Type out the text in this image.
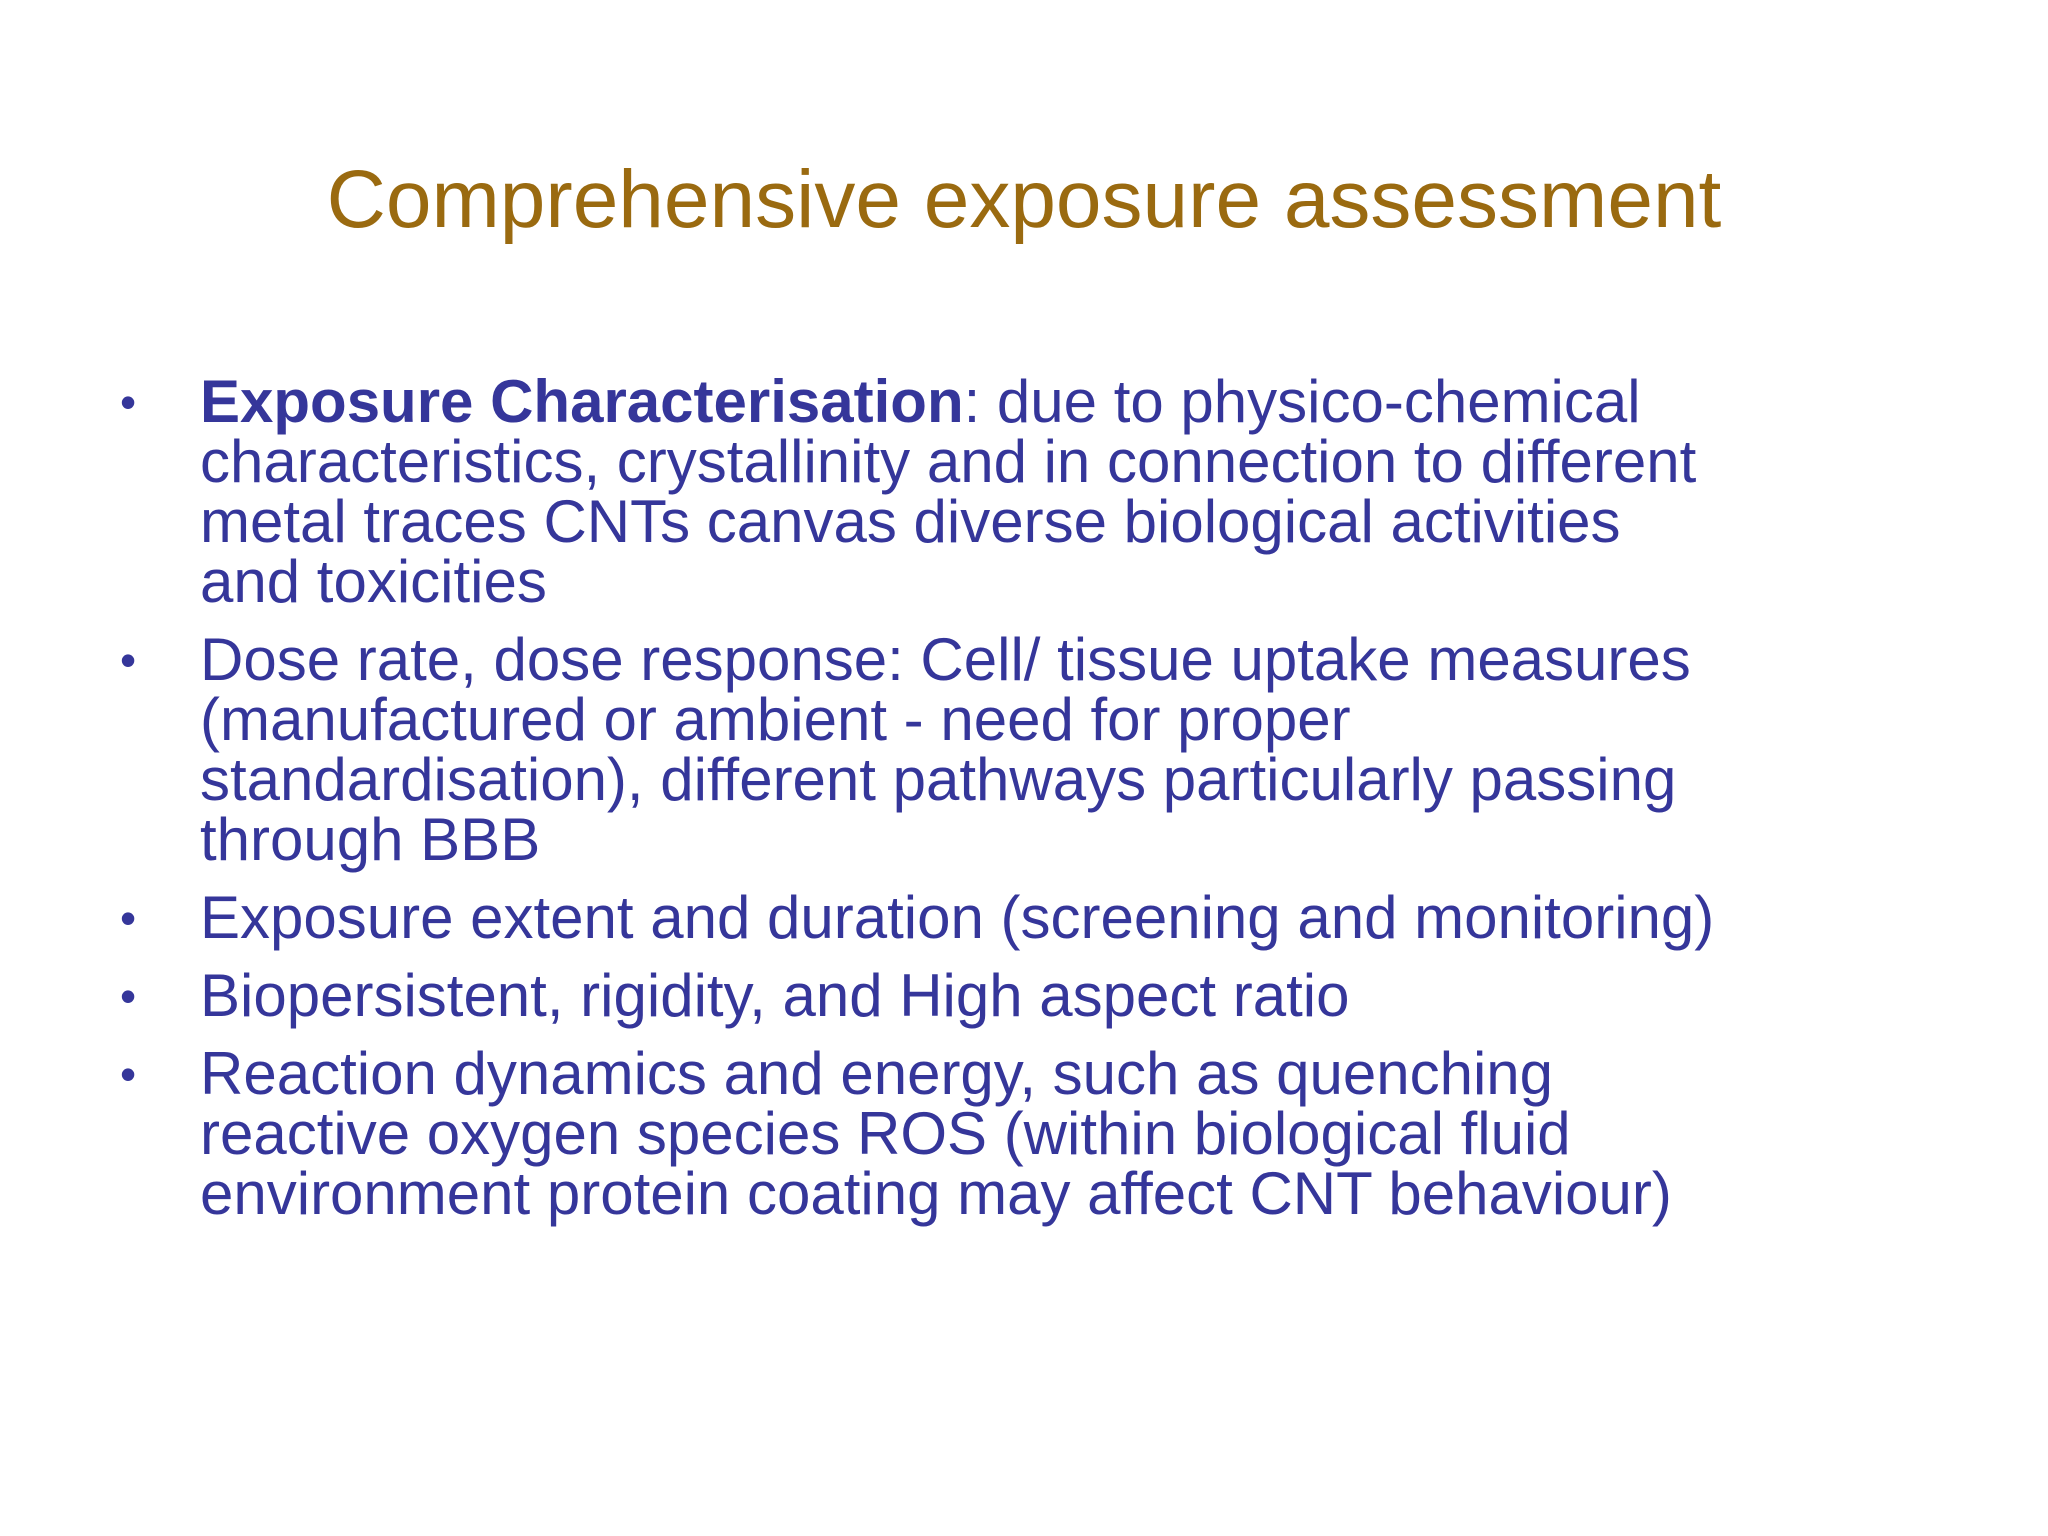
Comprehensive exposure assessment
• Exposure Characterisation: due to physico-chemical
characteristics, crystallinity and in connection to different
metal traces CNTs canvas diverse biological activities
and toxicities
• Dose rate, dose response: Cell/ tissue uptake measures
(manufactured or ambient - need for proper
standardisation), different pathways particularly passing
through BBB
• Exposure extent and duration (screening and monitoring)
• Biopersistent, rigidity, and High aspect ratio
• Reaction dynamics and energy, such as quenching
reactive oxygen species ROS (within biological fluid
environment protein coating may affect CNT behaviour)
